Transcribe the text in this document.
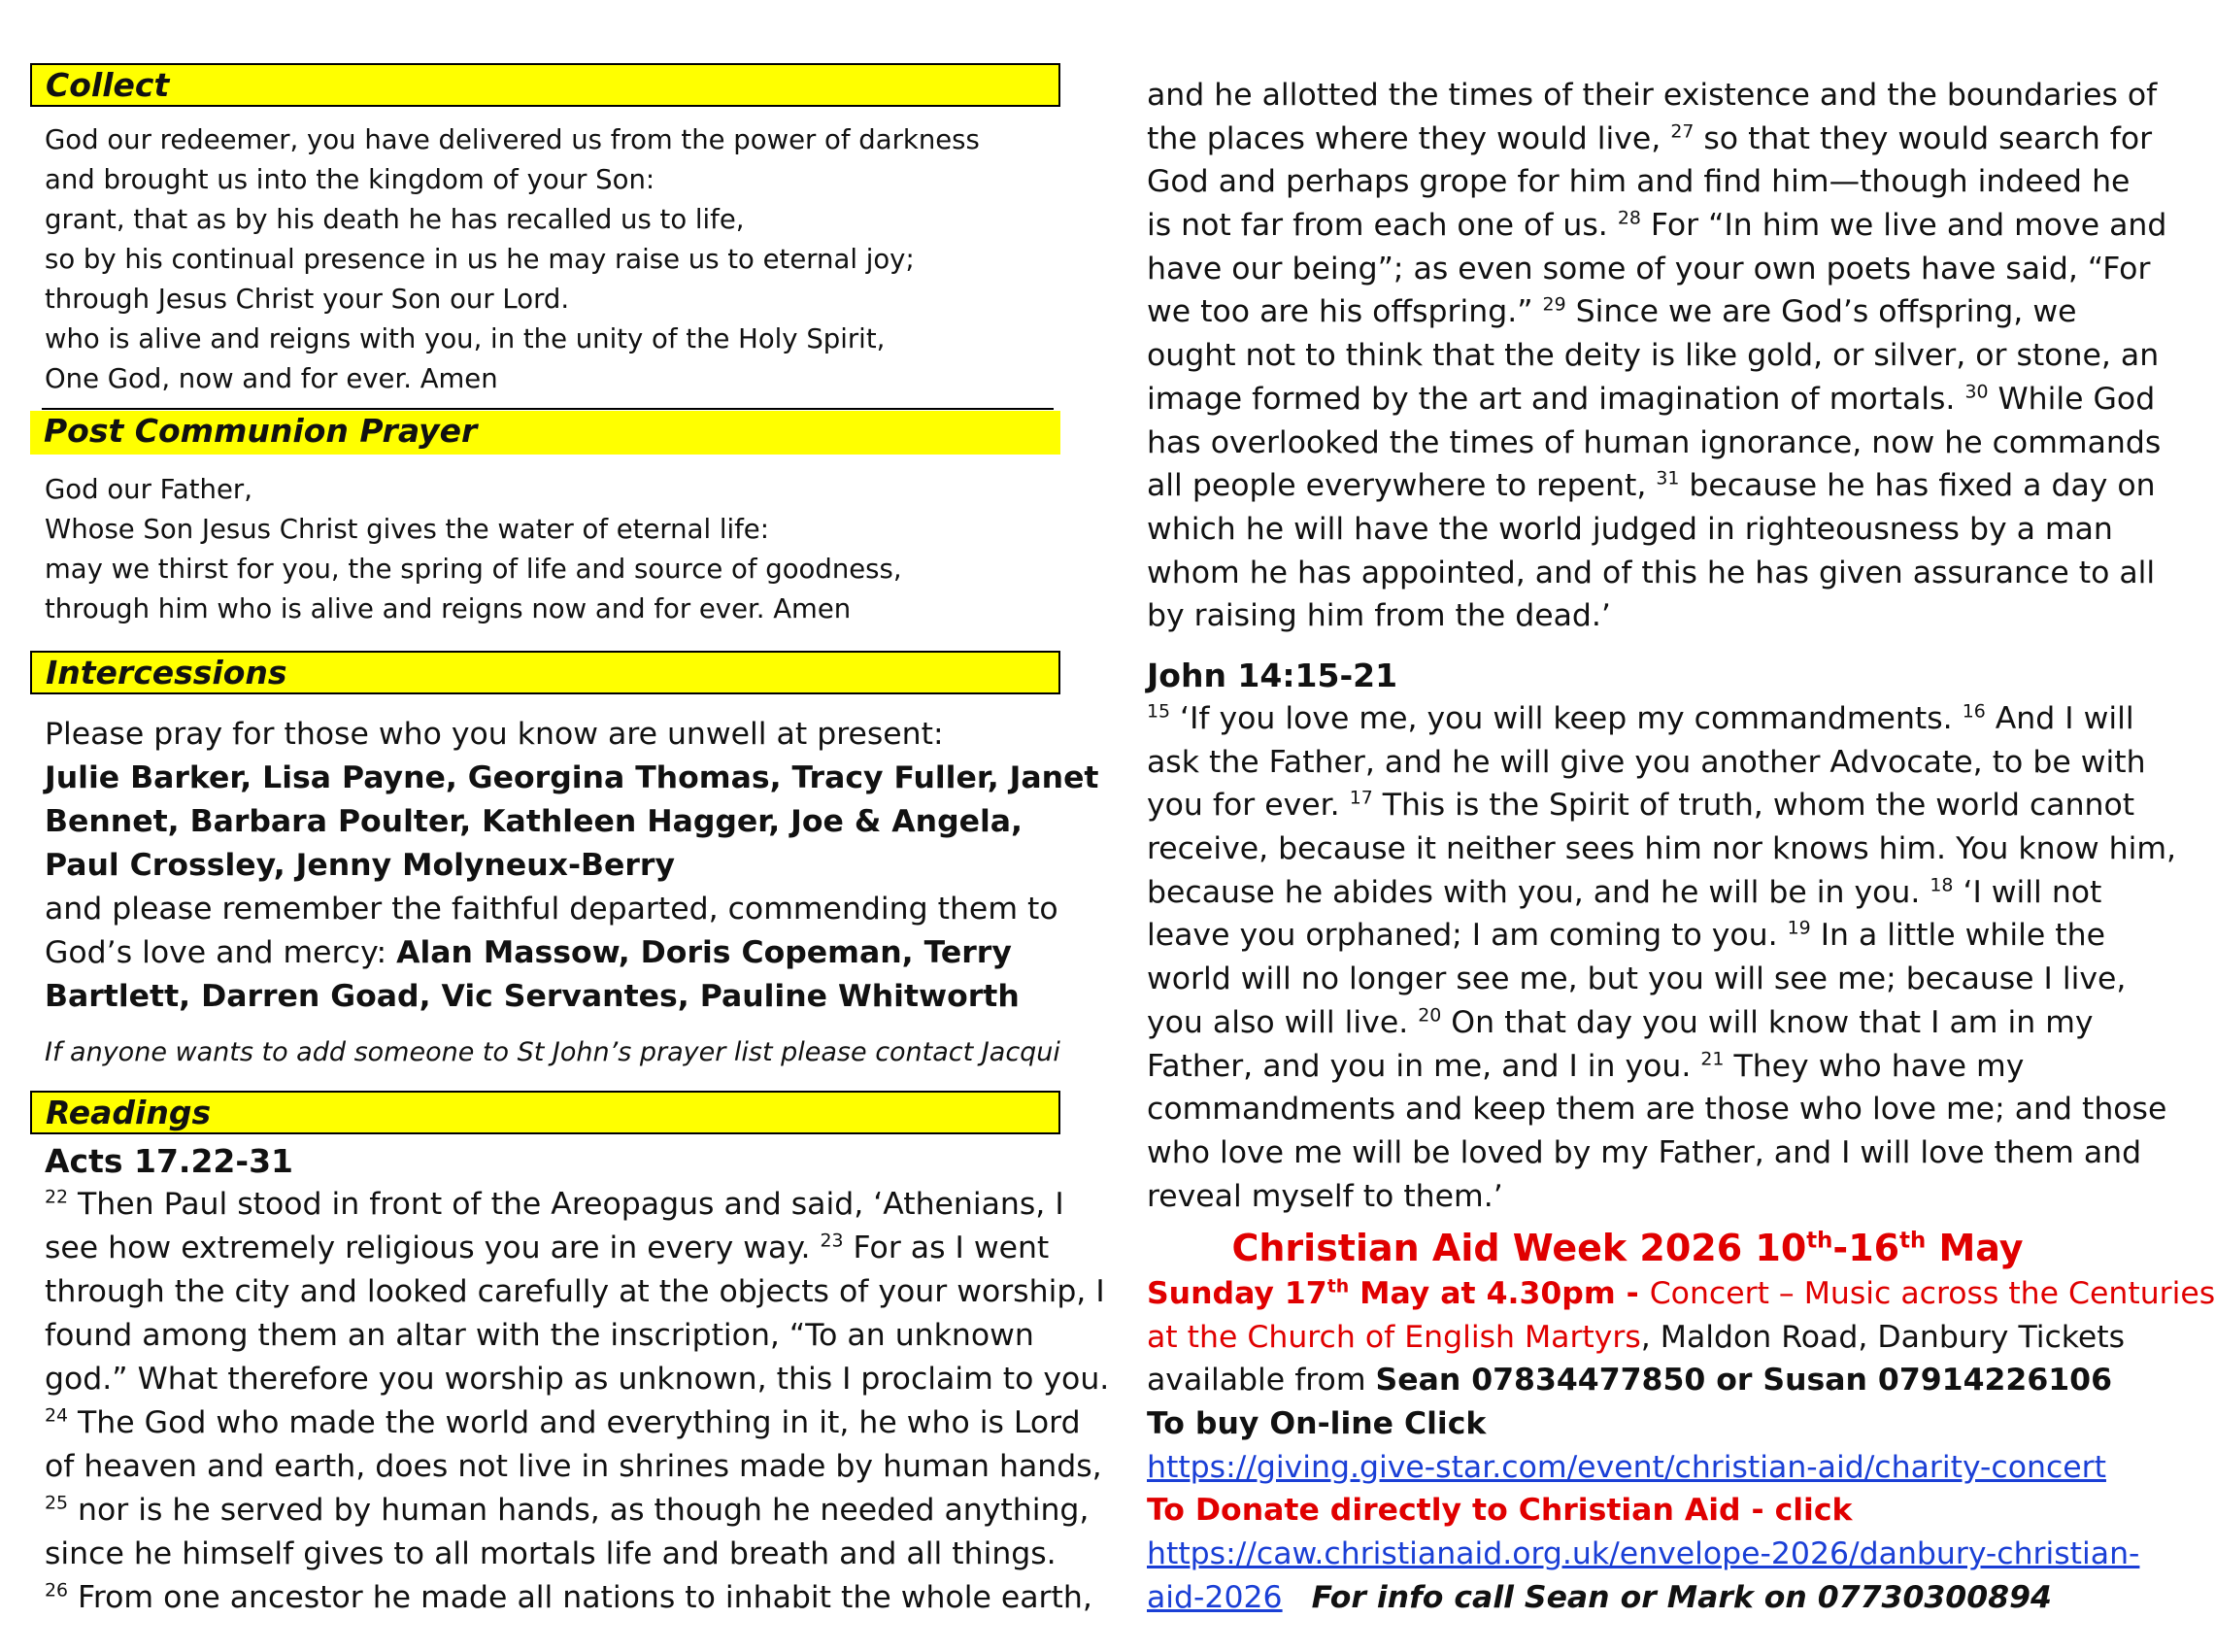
Collect
God our redeemer, you have delivered us from the power of darkness
and brought us into the kingdom of your Son:
grant, that as by his death he has recalled us to life,
so by his continual presence in us he may raise us to eternal joy;
through Jesus Christ your Son our Lord.
who is alive and reigns with you, in the unity of the Holy Spirit,
One God, now and for ever. Amen
Post Communion Prayer
God our Father,
Whose Son Jesus Christ gives the water of eternal life:
may we thirst for you, the spring of life and source of goodness,
through him who is alive and reigns now and for ever. Amen
Intercessions
Please pray for those who you know are unwell at present:
Julie Barker, Lisa Payne, Georgina Thomas, Tracy Fuller, Janet
Bennet, Barbara Poulter, Kathleen Hagger, Joe & Angela,
Paul Crossley, Jenny Molyneux-Berry
and please remember the faithful departed, commending them to
God’s love and mercy: Alan Massow, Doris Copeman, Terry
Bartlett, Darren Goad, Vic Servantes, Pauline Whitworth
If anyone wants to add someone to St John’s prayer list please contact Jacqui
Readings
Acts 17.22-31
$^{22}$ Then Paul stood in front of the Areopagus and said, ‘Athenians, I
see how extremely religious you are in every way. $^{23}$ For as I went
through the city and looked carefully at the objects of your worship, I
found among them an altar with the inscription, “To an unknown
god.” What therefore you worship as unknown, this I proclaim to you.
$^{24}$ The God who made the world and everything in it, he who is Lord
of heaven and earth, does not live in shrines made by human hands,
$^{25}$ nor is he served by human hands, as though he needed anything,
since he himself gives to all mortals life and breath and all things.
$^{26}$ From one ancestor he made all nations to inhabit the whole earth,
and he allotted the times of their existence and the boundaries of
the places where they would live, $^{27}$ so that they would search for
God and perhaps grope for him and find him—though indeed he
is not far from each one of us. $^{28}$ For “In him we live and move and
have our being”; as even some of your own poets have said, “For
we too are his offspring.” $^{29}$ Since we are God’s offspring, we
ought not to think that the deity is like gold, or silver, or stone, an
image formed by the art and imagination of mortals. $^{30}$ While God
has overlooked the times of human ignorance, now he commands
all people everywhere to repent, $^{31}$ because he has fixed a day on
which he will have the world judged in righteousness by a man
whom he has appointed, and of this he has given assurance to all
by raising him from the dead.’
John 14:15-21
$^{15}$ ‘If you love me, you will keep my commandments. $^{16}$ And I will
ask the Father, and he will give you another Advocate, to be with
you for ever. $^{17}$ This is the Spirit of truth, whom the world cannot
receive, because it neither sees him nor knows him. You know him,
because he abides with you, and he will be in you. $^{18}$ ‘I will not
leave you orphaned; I am coming to you. $^{19}$ In a little while the
world will no longer see me, but you will see me; because I live,
you also will live. $^{20}$ On that day you will know that I am in my
Father, and you in me, and I in you. $^{21}$ They who have my
commandments and keep them are those who love me; and those
who love me will be loved by my Father, and I will love them and
reveal myself to them.’
Christian Aid Week 2026 10th-16th May
Sunday 17th May at 4.30pm - Concert – Music across the Centuries
at the Church of English Martyrs, Maldon Road, Danbury Tickets
available from Sean 07834477850 or Susan 07914226106
To buy On-line Click
https://giving.give-star.com/event/christian-aid/charity-concert
To Donate directly to Christian Aid - click
https://caw.christianaid.org.uk/envelope-2026/danbury-christian-
aid-2026 For info call Sean or Mark on 07730300894
